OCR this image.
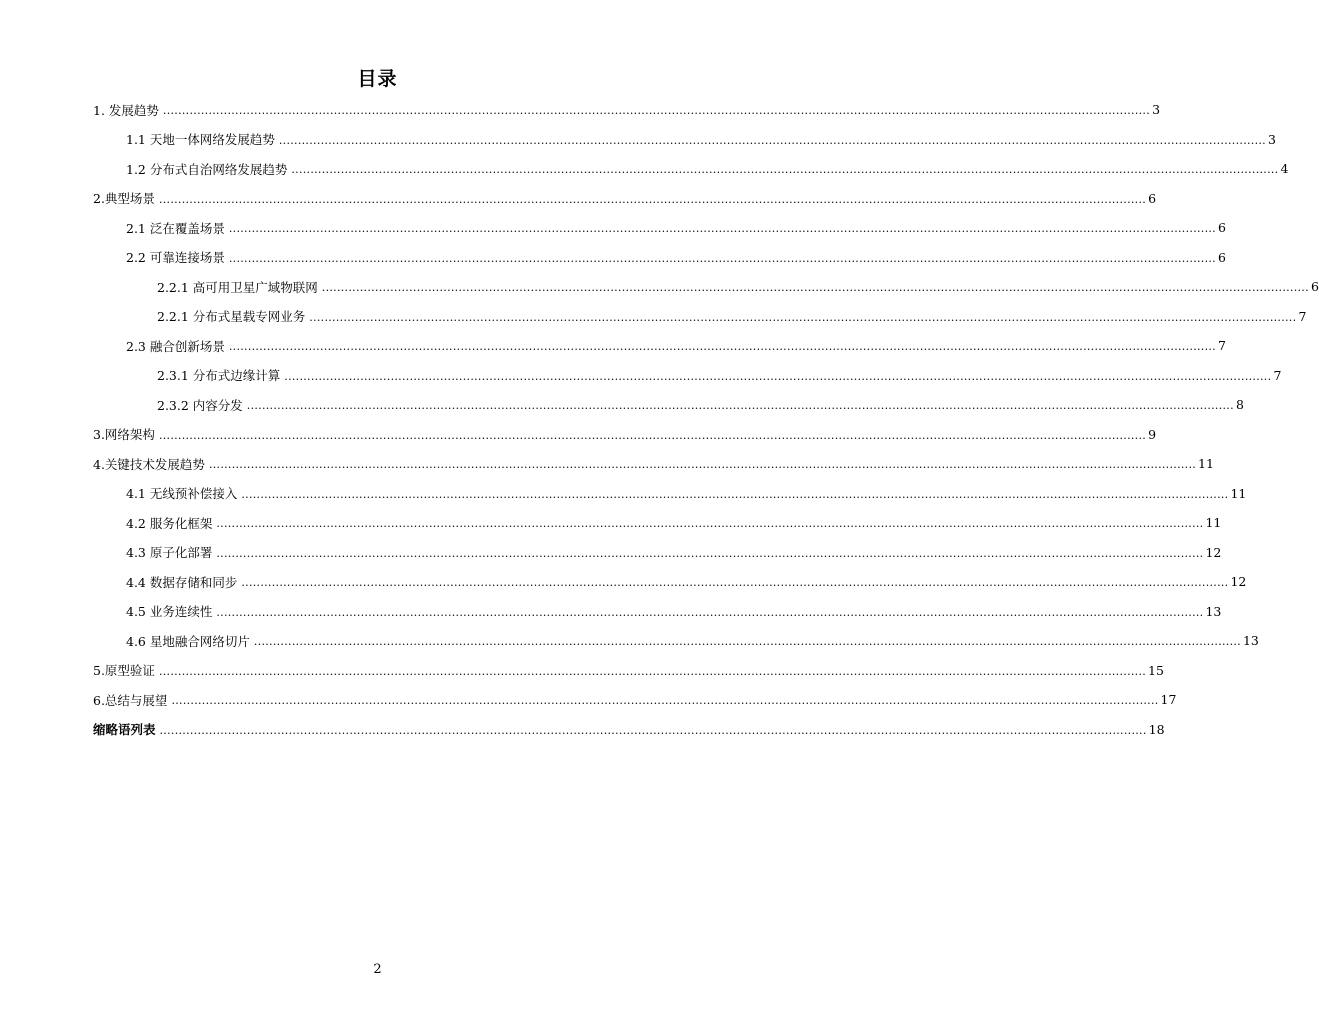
目录
1. 发展趋势 .................................................................................................................................................................................................................................................................... 3
1.1 天地一体网络发展趋势 .................................................................................................................................................................................................................................................................... 3
1.2 分布式自治网络发展趋势 .................................................................................................................................................................................................................................................................... 4
2.典型场景 .................................................................................................................................................................................................................................................................... 6
2.1 泛在覆盖场景 .................................................................................................................................................................................................................................................................... 6
2.2 可靠连接场景 .................................................................................................................................................................................................................................................................... 6
2.2.1 高可用卫星广域物联网 .................................................................................................................................................................................................................................................................... 6
2.2.1 分布式星载专网业务 .................................................................................................................................................................................................................................................................... 7
2.3 融合创新场景 .................................................................................................................................................................................................................................................................... 7
2.3.1 分布式边缘计算 .................................................................................................................................................................................................................................................................... 7
2.3.2 内容分发 .................................................................................................................................................................................................................................................................... 8
3.网络架构 .................................................................................................................................................................................................................................................................... 9
4.关键技术发展趋势 .................................................................................................................................................................................................................................................................... 11
4.1 无线预补偿接入 .................................................................................................................................................................................................................................................................... 11
4.2 服务化框架 .................................................................................................................................................................................................................................................................... 11
4.3 原子化部署 .................................................................................................................................................................................................................................................................... 12
4.4 数据存储和同步 .................................................................................................................................................................................................................................................................... 12
4.5 业务连续性 .................................................................................................................................................................................................................................................................... 13
4.6 星地融合网络切片 .................................................................................................................................................................................................................................................................... 13
5.原型验证 .................................................................................................................................................................................................................................................................... 15
6.总结与展望 .................................................................................................................................................................................................................................................................... 17
缩略语列表 .................................................................................................................................................................................................................................................................... 18
2
